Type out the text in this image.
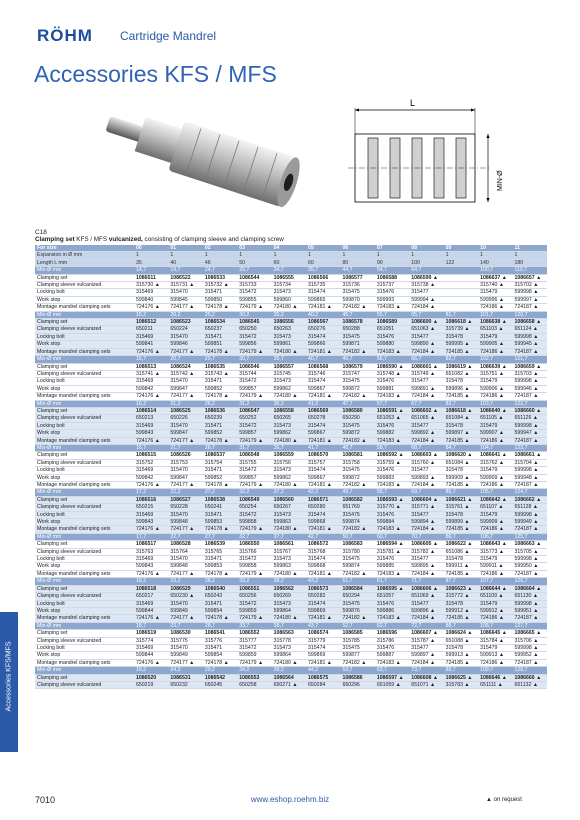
RÖHM Cartridge Mandrel
Accessories KFS / MFS
L
MIN-Ø
C18
Clamping set KFS / MFS vulcanized, consisting of clamping sleeve and clamping screw
For size	00	01	02	03	04	05	06	07	08	09	10	11
Expansion in Ø mm	1	1	1	1	1	1	1	1	1	1	1	1
Length L mm	35	40	46	50	60	60	80	90	100	122	140	180
Min-Ø mm	14,7	19,7	24,7	29,7	34,7	39,7	44,7	54,7	64,7		100,7	119,7
Clamping set	1086511	1086522	1086533	1086544	1086555	1086566	1086577	1086588	1086599 ▲		1086637 ▲	1086657 ▲
Clamping sleeve vulcanized	315730 ▲	315731 ▲	315732 ▲	315733	315734	315735	315736	315737	315738 ▲		315740 ▲	315702 ▲
Locking bolt	315469	315470	315471	315472	315473	315474	315475	315476	315477		315479	599998 ▲
Work stop	599840	599845	599850	599855	599860	599865	599870	599993	599994 ▲		599996 ▲	599997 ▲
Montage mandrel clamping sets	724176 ▲	724177 ▲	724178 ▲	724179 ▲	724180 ▲	724181 ▲	724182 ▲	724183 ▲	724184 ▲		724186 ▲	724187 ▲
Min-Ø mm	15,2	20,2	25,2	30,2	35,2	40,2	45,7	55,7	65,7	81,7	101,7	120,7
Clamping set	1086512	1086523	1086534	1086545	1086556	1086567	1086578	1086589	1086600 ▲	1086618 ▲	1086638 ▲	1086658 ▲
Clamping sleeve vulcanized	650211	650224	650237	650250	650263	650276	650288	651051	651063 ▲	315739 ▲	651103 ▲	651124 ▲
Locking bolt	315469	315470	315471	315472	315473	315474	315475	315476	315477	315478	315479	599998 ▲
Work stop	599841	599846	599851	599856	599861	599866	599871	599880	599890 ▲	599995 ▲	599905 ▲	599945 ▲
Montage mandrel clamping sets	724176 ▲	724177 ▲	724178 ▲	724179 ▲	724180 ▲	724181 ▲	724182 ▲	724183 ▲	724184 ▲	724185 ▲	724186 ▲	724187 ▲
Min-Ø mm	15,7	20,7	25,7	30,7	35,7	40,7	46,7	56,7	66,7	82,7	102,7	121,7
Clamping set	1086513	1086524	1086535	1086546	1086557	1086568	1086579	1086590 ▲	1086601 ▲	1086619 ▲	1086639 ▲	1086659 ▲
Clamping sleeve vulcanized	315741 ▲	315742 ▲	315743 ▲	315744	315745	315746	315747	315748 ▲	315749 ▲	651082 ▲	315751 ▲	315703 ▲
Locking bolt	315469	315470	315471	315472	315473	315474	315475	315476	315477	315478	315479	599998 ▲
Work stop	599842	599847	599852	599857	599862	599867	599872	599881	599891 ▲	599896 ▲	599906 ▲	599946 ▲
Montage mandrel clamping sets	724176 ▲	724177 ▲	724178 ▲	724179 ▲	724180 ▲	724181 ▲	724182 ▲	724183 ▲	724184 ▲	724185 ▲	724186 ▲	724187 ▲
Min-Ø mm	16,2	21,2	26,2	31,2	36,2	41,2	47,7	57,7	67,7	83,7	103,7	122,7
Clamping set	1086514	1086525	1086536	1086547	1086558	1086569	1086580	1086591 ▲	1086602 ▲	1086618 ▲	1086640 ▲	1086660 ▲
Clamping sleeve vulcanized	650213	650226	650239	650252	650265	650278	650290	651053 ▲	651065 ▲	651084 ▲	651105 ▲	651126 ▲
Locking bolt	315469	315470	315471	315472	315473	315474	315475	315476	315477	315478	315479	599998 ▲
Work stop	599843	599847	599852	599857	599862	599867	599872	599882	599892 ▲	599897 ▲	599907 ▲	599947 ▲
Montage mandrel clamping sets	724176 ▲	724177 ▲	724178 ▲	724179 ▲	724180 ▲	724181 ▲	724182 ▲	724183 ▲	724184 ▲	724185 ▲	724186 ▲	724187 ▲
Min-Ø mm	16,7	21,7	26,7	31,7	36,7	41,7	48,7	58,7	68,7	84,7	104,7	123,7
Clamping set	1086515	1086526	1086537	1086548	1086559	1086570	1086581	1086592 ▲	1086603 ▲	1086620 ▲	1086641 ▲	1086661 ▲
Clamping sleeve vulcanized	315752	315753	315754	315755	315756	315757	315758	315759 ▲	315760 ▲	651084 ▲	315762 ▲	315704 ▲
Locking bolt	315469	315470	315471	315472	315473	315474	315475	315476	315477	315478	315479	599998 ▲
Work stop	599842	599847	599852	599857	599862	599867	599872	599883	599893 ▲	599909 ▲	599909 ▲	599948 ▲
Montage mandrel clamping sets	724176 ▲	724177 ▲	724178 ▲	724179 ▲	724180 ▲	724181 ▲	724182 ▲	724183 ▲	724184 ▲	724185 ▲	724186 ▲	724187 ▲
Min-Ø mm	17,2	22,2	27,2	32,2	37,2	42,2	49,7	59,7	69,7	85,7	105,7	124,7
Clamping set	1086516	1086527	1086538	1086549	1086560	1086571	1086582	1086593 ▲	1086604 ▲	1086621 ▲	1086642 ▲	1086662 ▲
Clamping sleeve vulcanized	650215	650228	650241	650254	650267	650280	651769	315770 ▲	315771 ▲	315761 ▲	651107 ▲	651128 ▲
Locking bolt	315469	315470	315471	315472	315473	315474	315475	315476	315477	315478	315479	599998 ▲
Work stop	599843	599848	599853	599858	599863	599868	599874	599884	599894 ▲	599899 ▲	599909 ▲	599949 ▲
Montage mandrel clamping sets	724176 ▲	724177 ▲	724178 ▲	724179 ▲	724180 ▲	724181 ▲	724182 ▲	724183 ▲	724184 ▲	724185 ▲	724186 ▲	724187 ▲
Min-Ø mm	17,7	22,7	27,7	32,7	37,7	42,7	50,7	60,7	70,7	86,7	106,7	125,7
Clamping set	1086517	1086528	1086539	1086550	1086561	1086572	1086583	1086594 ▲	1086605 ▲	1086622 ▲	1086643 ▲	1086663 ▲
Clamping sleeve vulcanized	315763	315764	315765	315766	315767	315768	315780	315781 ▲	315782 ▲	651086 ▲	315773 ▲	315705 ▲
Locking bolt	315469	315470	315471	315472	315473	315474	315475	315476	315477	315478	315479	599998 ▲
Work stop	599843	599848	599853	599858	599863	599868	599874	599885	599895 ▲	599911 ▲	599911 ▲	599950 ▲
Montage mandrel clamping sets	724176 ▲	724177 ▲	724178 ▲	724179 ▲	724180 ▲	724181 ▲	724182 ▲	724183 ▲	724184 ▲	724185 ▲	724186 ▲	724187 ▲
Min-Ø mm	18,2	23,2	28,2	33,2	38,2	43,2	51,7	61,7	71,7	87,7	107,7	126,7
Clamping set	1086518	1086529	1086540	1086551	1086562	1086573	1086584	1086595 ▲	1086606 ▲	1086623 ▲	1086644 ▲	1086664 ▲
Clamping sleeve vulcanized	650217	650230 ▲	650243	650256	650269	650282	650294	651057	651069 ▲	315772 ▲	651109 ▲	651130 ▲
Locking bolt	315469	315470	315471	315472	315473	315474	315475	315476	315477	315478	315479	599998 ▲
Work stop	599844	599849	599854	599859	599864	599869	599876	599886	599896 ▲	599912 ▲	599912 ▲	599951 ▲
Montage mandrel clamping sets	724176 ▲	724177 ▲	724178 ▲	724179 ▲	724180 ▲	724181 ▲	724182 ▲	724183 ▲	724184 ▲	724185 ▲	724186 ▲	724187 ▲
Min-Ø mm	18,7	23,7	28,7	33,7	38,7	43,7	52,7	62,7	72,7	88,7	108,7	127,7
Clamping set	1086519	1086530	1086541	1086552	1086563	1086574	1086585	1086596	1086607 ▲	1086624 ▲	1086645 ▲	1086665 ▲
Clamping sleeve vulcanized	315774	315775	315776	315777	315778	315779	315785	315786	315787 ▲	651088 ▲	315784 ▲	315706 ▲
Locking bolt	315469	315470	315471	315472	315473	315474	315475	315476	315477	315478	315479	599998 ▲
Work stop	599844	599849	599854	599859	599864	599869	599877	599887	599897 ▲	599913 ▲	599913 ▲	599952 ▲
Montage mandrel clamping sets	724176 ▲	724177 ▲	724178 ▲	724179 ▲	724180 ▲	724181 ▲	724182 ▲	724183 ▲	724184 ▲	724185 ▲	724186 ▲	724187 ▲
Min-Ø mm	19,2	24,2	29,2	34,2	39,2	44,2	53,7	63,7	73,7	89,7	109,7	128,7
Clamping set	1086520	1086531	1086542	1086553	1086564	1086575	1086586	1086597 ▲	1086608 ▲	1086625 ▲	1086646 ▲	1086666 ▲
Clamping sleeve vulcanized	650219	650232	650245	650258	650271 ▲	650284	650296	651059 ▲	651071 ▲	315783 ▲	651111 ▲	651132 ▲
Accessories KFS/MFS
7010	www.eshop.roehm.biz	▲ on request
